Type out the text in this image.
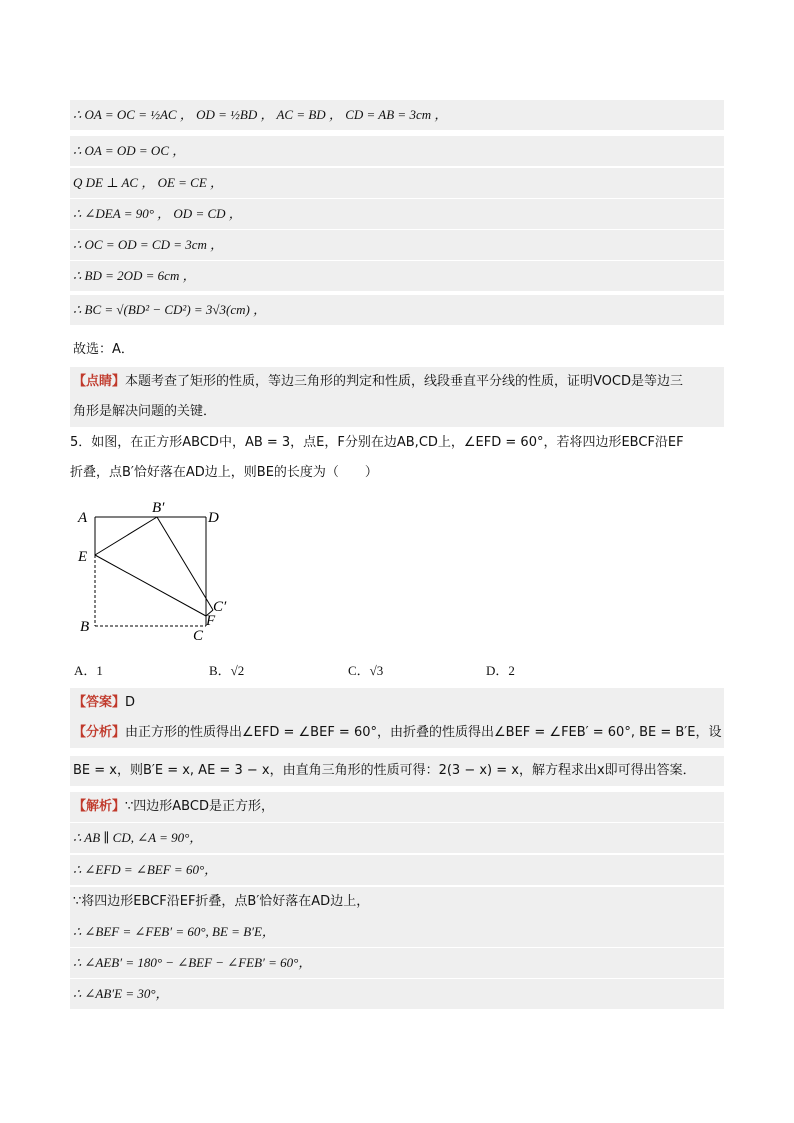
∴ OA = OC = ½AC ， OD = ½BD ， AC = BD ， CD = AB = 3cm ，
∴ OA = OD = OC ，
Q DE ⊥ AC ， OE = CE ，
∴ ∠DEA = 90° ， OD = CD ，
∴ OC = OD = CD = 3cm ，
∴ BD = 2OD = 6cm ，
∴ BC = √(BD² − CD²) = 3√3(cm) ，
故选：A．
【点睛】本题考查了矩形的性质，等边三角形的判定和性质，线段垂直平分线的性质，证明VOCD是等边三
角形是解决问题的关键．
5．如图，在正方形ABCD中，AB = 3，点E，F分别在边AB,CD上，∠EFD = 60°，若将四边形EBCF沿EF
折叠，点B′恰好落在AD边上，则BE的长度为（　　）
A
B′
D
E
C′
F
B
C
A．1	B．√2	C．√3	D．2
【答案】D
【分析】由正方形的性质得出∠EFD = ∠BEF = 60°，由折叠的性质得出∠BEF = ∠FEB′ = 60°, BE = B′E，设
BE = x，则B′E = x, AE = 3 − x，由直角三角形的性质可得：2(3 − x) = x，解方程求出x即可得出答案．
【解析】∵四边形ABCD是正方形，
∴ AB ∥ CD, ∠A = 90°，
∴ ∠EFD = ∠BEF = 60°，
∵将四边形EBCF沿EF折叠，点B′恰好落在AD边上，
∴ ∠BEF = ∠FEB′ = 60°, BE = B′E，
∴ ∠AEB′ = 180° − ∠BEF − ∠FEB′ = 60°，
∴ ∠AB′E = 30°，
